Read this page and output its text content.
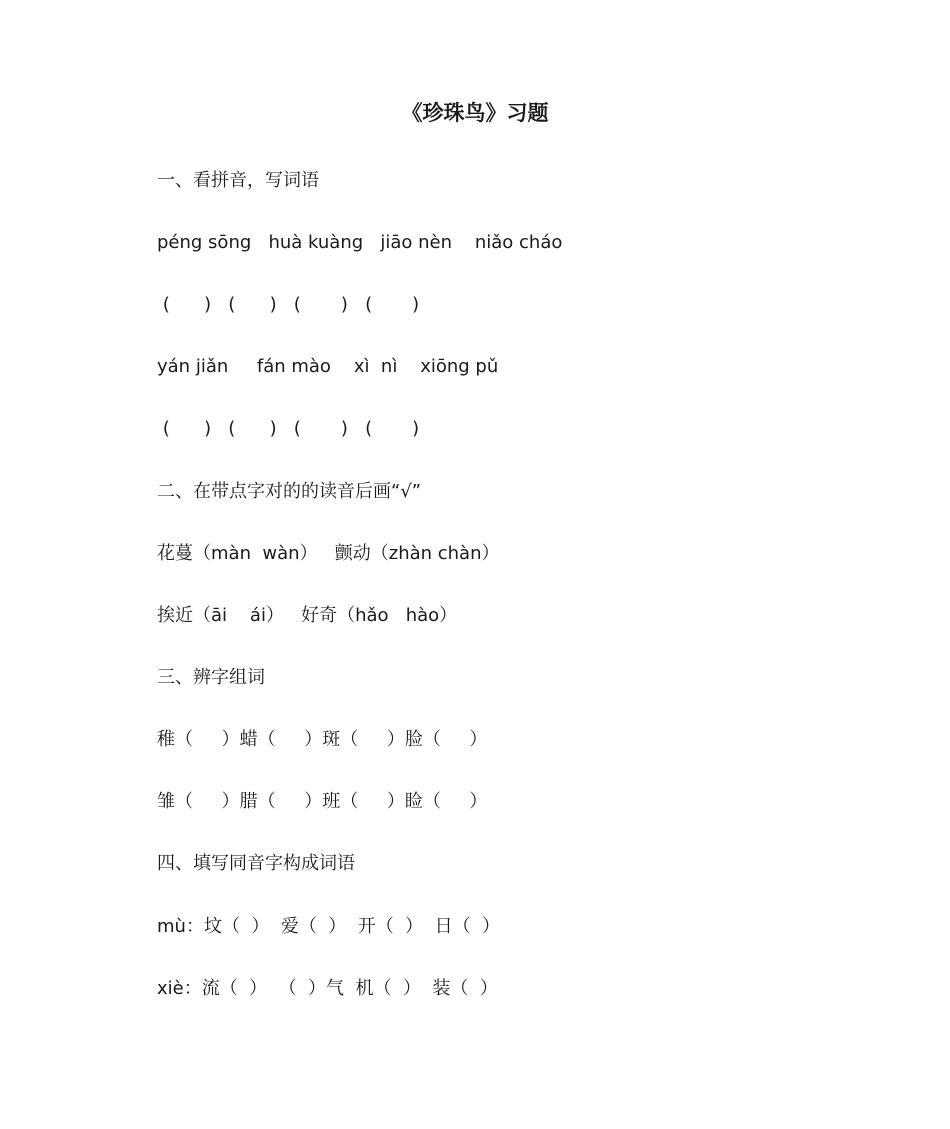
《珍珠鸟》习题
一、看拼音，写词语
péng sōng   huà kuàng   jiāo nèn    niǎo cháo
(      )   (      )   (       )   (       )
yán jiǎn     fán mào    xì  nì    xiōng pǔ
(      )   (      )   (       )   (       )
二、在带点字对的的读音后画“√”
花蔓（màn  wàn）   颤动（zhàn chàn）
挨近（āi    ái）   好奇（hǎo   hào）
三、辨字组词
稚（     ）蜡（     ）斑（     ）脸（     ）
雏（     ）腊（     ）班（     ）睑（     ）
四、填写同音字构成词语
mù：坟（  ）  爱（  ）  开（  ）  日（  ）
xiè：流（  ）  （  ）气  机（  ）  装（  ）
